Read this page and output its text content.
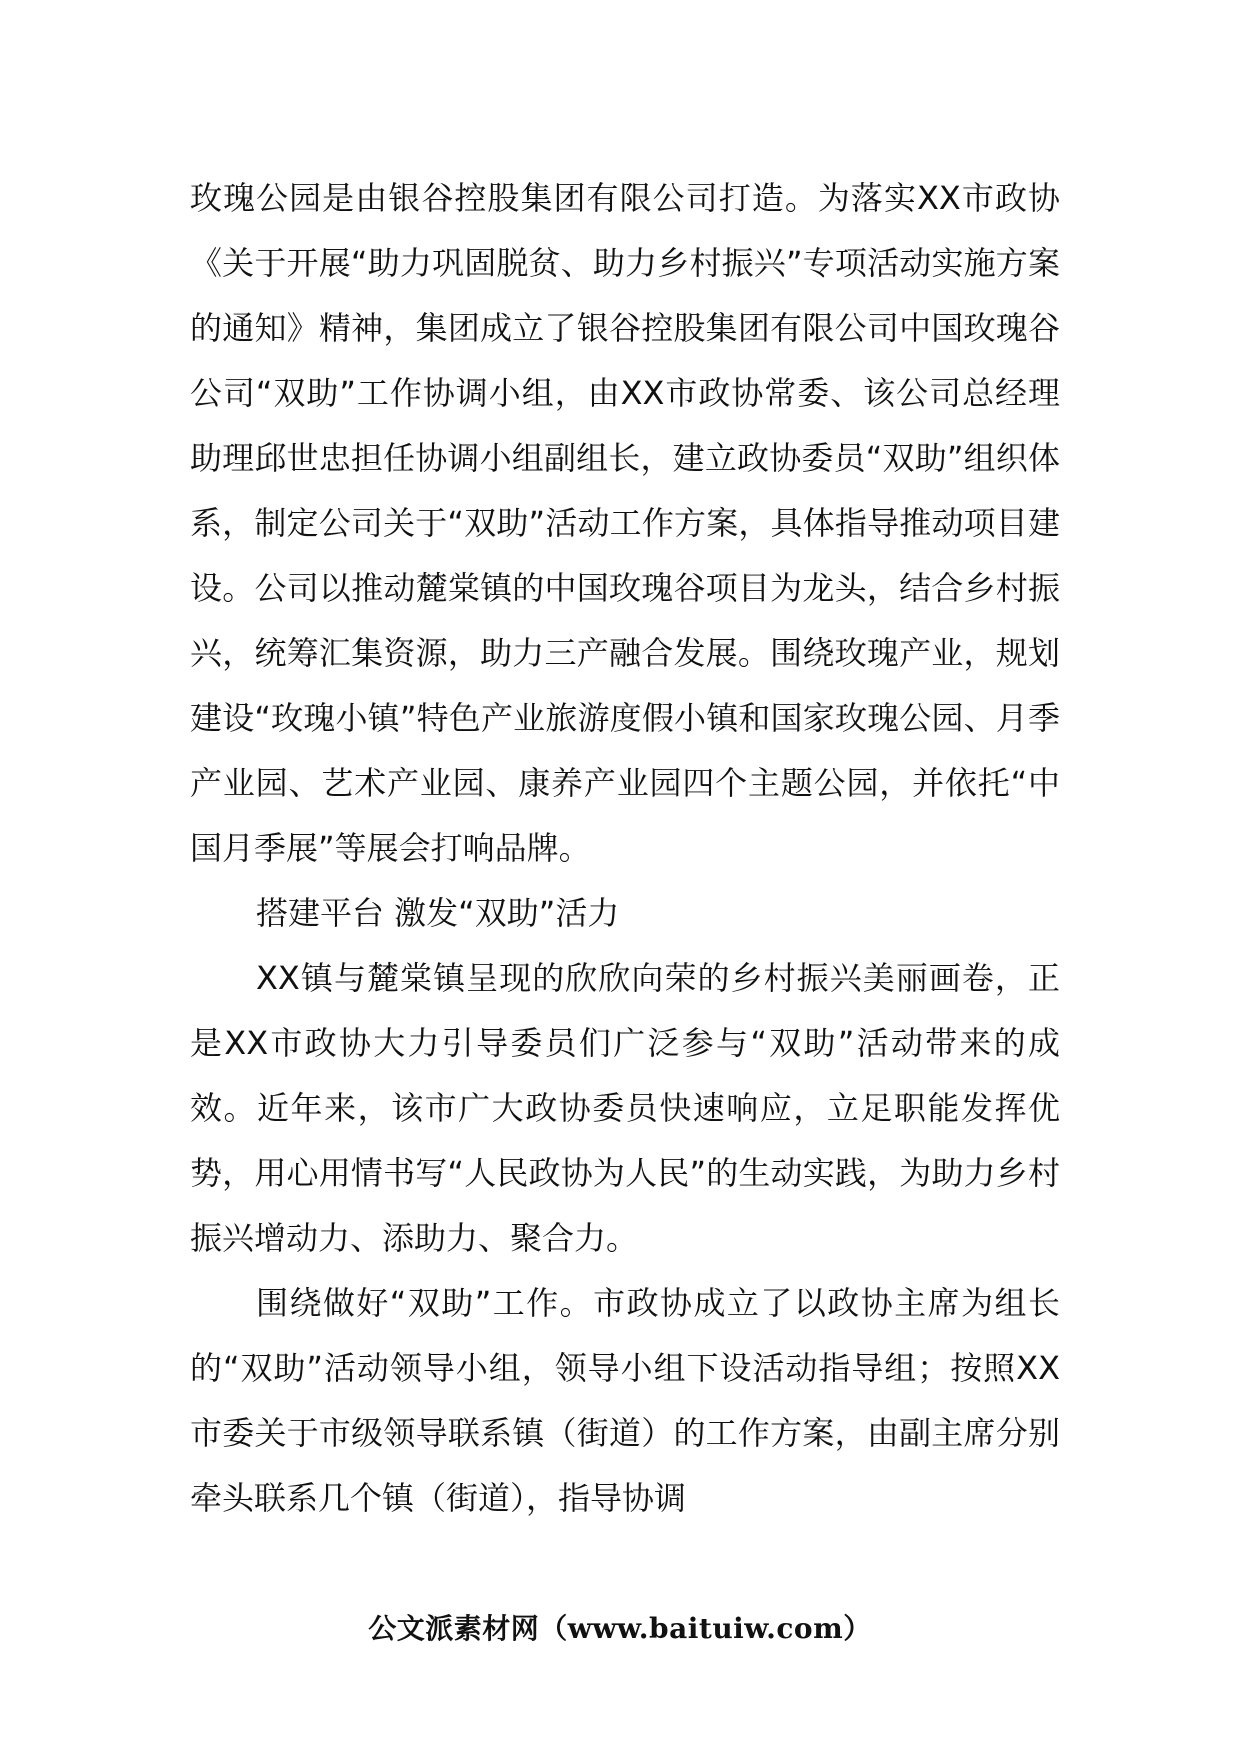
玫瑰公园是由银谷控股集团有限公司打造。为落实XX市政协《关于开展“助力巩固脱贫、助力乡村振兴”专项活动实施方案的通知》精神，集团成立了银谷控股集团有限公司中国玫瑰谷公司“双助”工作协调小组，由XX市政协常委、该公司总经理助理邱世忠担任协调小组副组长，建立政协委员“双助”组织体系，制定公司关于“双助”活动工作方案，具体指导推动项目建设。公司以推动麓棠镇的中国玫瑰谷项目为龙头，结合乡村振兴，统筹汇集资源，助力三产融合发展。围绕玫瑰产业，规划建设“玫瑰小镇”特色产业旅游度假小镇和国家玫瑰公园、月季产业园、艺术产业园、康养产业园四个主题公园，并依托“中国月季展”等展会打响品牌。

搭建平台 激发“双助”活力

XX镇与麓棠镇呈现的欣欣向荣的乡村振兴美丽画卷，正是XX市政协大力引导委员们广泛参与“双助”活动带来的成效。近年来，该市广大政协委员快速响应，立足职能发挥优势，用心用情书写“人民政协为人民”的生动实践，为助力乡村振兴增动力、添助力、聚合力。

围绕做好“双助”工作。市政协成立了以政协主席为组长的“双助”活动领导小组，领导小组下设活动指导组；按照XX市委关于市级领导联系镇（街道）的工作方案，由副主席分别牵头联系几个镇（街道），指导协调

公文派素材网（www.baituiw.com）
